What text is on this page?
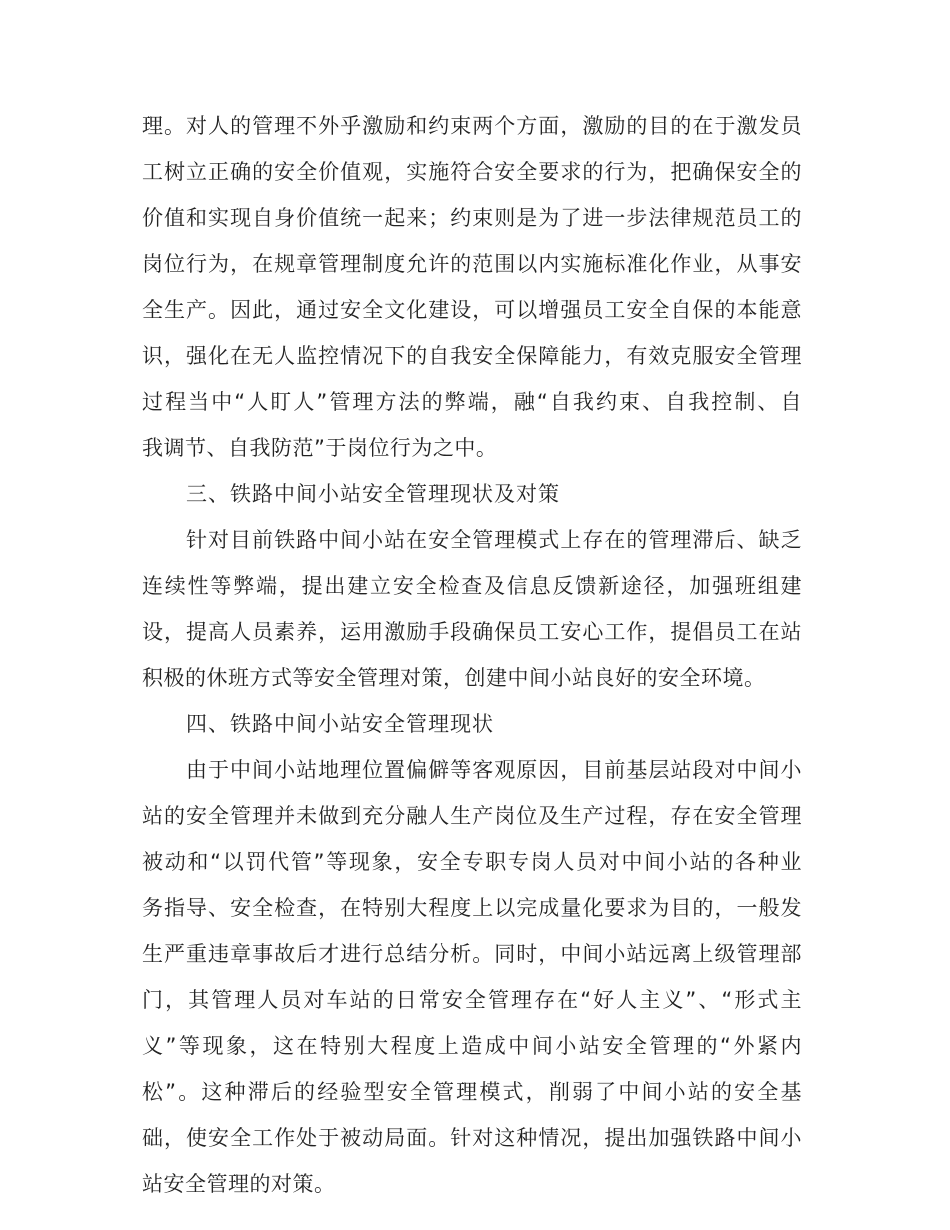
理。对人的管理不外乎激励和约束两个方面，激励的目的在于激发员
工树立正确的安全价值观，实施符合安全要求的行为，把确保安全的
价值和实现自身价值统一起来；约束则是为了进一步法律规范员工的
岗位行为，在规章管理制度允许的范围以内实施标准化作业，从事安
全生产。因此，通过安全文化建设，可以增强员工安全自保的本能意
识，强化在无人监控情况下的自我安全保障能力，有效克服安全管理
过程当中“人盯人”管理方法的弊端，融“自我约束、自我控制、自
我调节、自我防范”于岗位行为之中。
三、铁路中间小站安全管理现状及对策
针对目前铁路中间小站在安全管理模式上存在的管理滞后、缺乏
连续性等弊端，提出建立安全检查及信息反馈新途径，加强班组建
设，提高人员素养，运用激励手段确保员工安心工作，提倡员工在站
积极的休班方式等安全管理对策，创建中间小站良好的安全环境。
四、铁路中间小站安全管理现状
由于中间小站地理位置偏僻等客观原因，目前基层站段对中间小
站的安全管理并未做到充分融人生产岗位及生产过程，存在安全管理
被动和“以罚代管”等现象，安全专职专岗人员对中间小站的各种业
务指导、安全检查，在特别大程度上以完成量化要求为目的，一般发
生严重违章事故后才进行总结分析。同时，中间小站远离上级管理部
门，其管理人员对车站的日常安全管理存在“好人主义”、“形式主
义”等现象，这在特别大程度上造成中间小站安全管理的“外紧内
松”。这种滞后的经验型安全管理模式，削弱了中间小站的安全基
础，使安全工作处于被动局面。针对这种情况，提出加强铁路中间小
站安全管理的对策。
